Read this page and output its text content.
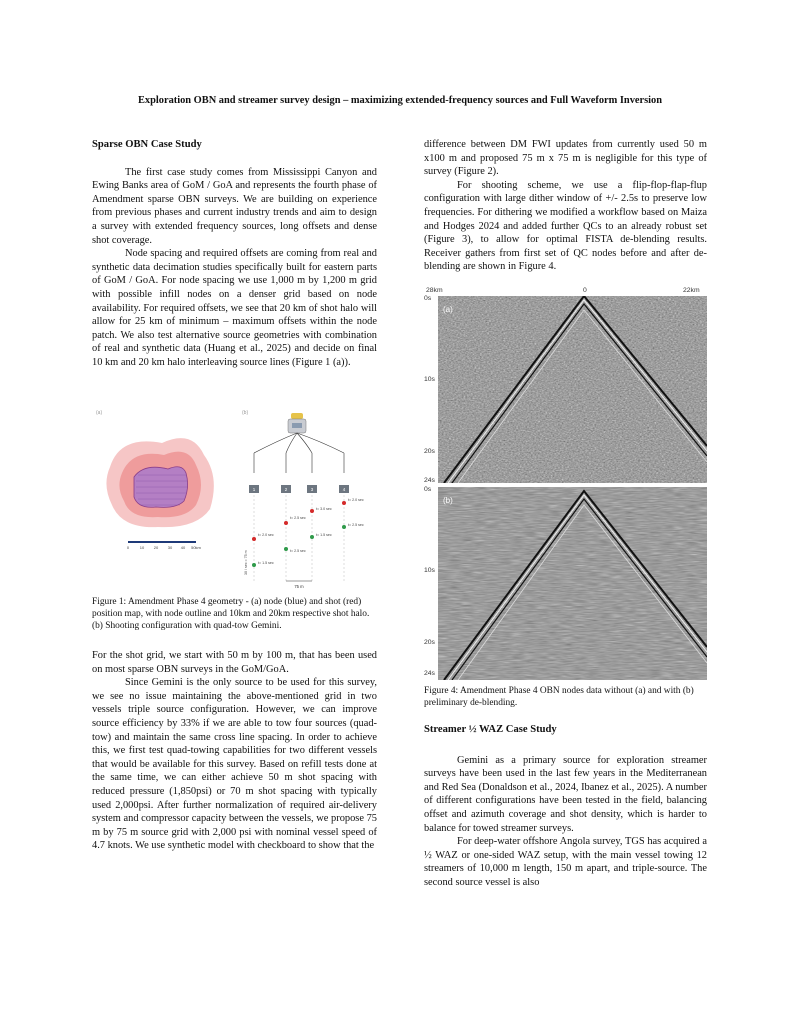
Exploration OBN and streamer survey design – maximizing extended-frequency sources and Full Waveform Inversion
Sparse OBN Case Study

The first case study comes from Mississippi Canyon and Ewing Banks area of GoM / GoA and represents the fourth phase of Amendment sparse OBN surveys. We are building on experience from previous phases and current industry trends and aim to design a survey with extended frequency sources, long offsets and dense shot coverage.

Node spacing and required offsets are coming from real and synthetic data decimation studies specifically built for eastern parts of GoM / GoA. For node spacing we use 1,000 m by 1,200 m grid with possible infill nodes on a denser grid based on node availability. For required offsets, we see that 20 km of shot halo will allow for 25 km of minimum – maximum offsets within the node patch. We also test alternative source geometries with combination of real and synthetic data (Huang et al., 2025) and decide on final 10 km and 20 km halo interleaving source lines (Figure 1 (a)).

(a)	(b)
0	10 20 30 40 50km
1	2	3	4
t= 2.0 sec
t= 3.0 sec
t= 2.5 sec
t= 2.5 sec
t= 2.0 sec	t= 1.5 sec
t= 2.5 sec
t= 1.5 sec
30 / sec = 75 m
75 m

Figure 1: Amendment Phase 4 geometry - (a) node (blue) and shot (red) position map, with node outline and 10km and 20km respective shot halo. (b) Shooting configuration with quad-tow Gemini.

For the shot grid, we start with 50 m by 100 m, that has been used on most sparse OBN surveys in the GoM/GoA.

Since Gemini is the only source to be used for this survey, we see no issue maintaining the above-mentioned grid in two vessels triple source configuration. However, we can improve source efficiency by 33% if we are able to tow four sources (quad-tow) and maintain the same cross line spacing. In order to achieve this, we first test quad-towing capabilities for two different vessels that would be available for this survey. Based on refill tests done at the same time, we can either achieve 50 m shot spacing with reduced pressure (1,850psi) or 70 m shot spacing with typically used 2,000psi. After further normalization of required air-delivery system and compressor capacity between the vessels, we propose 75 m by 75 m source grid with 2,000 psi with nominal vessel speed of 4.7 knots. We use synthetic model with checkboard to show that the

difference between DM FWI updates from currently used 50 m x100 m and proposed 75 m x 75 m is negligible for this type of survey (Figure 2).

For shooting scheme, we use a flip-flop-flap-flup configuration with large dither window of +/- 2.5s to preserve low frequencies. For dithering we modified a workflow based on Maiza and Hodges 2024 and added further QCs to an already robust set (Figure 3), to allow for optimal FISTA de-blending results. Receiver gathers from first set of QC nodes before and after de-blending are shown in Figure 4.

28km	0	22km
(a)
0s
10s
20s
24s
(b)
0s
10s
20s
24s

Figure 4: Amendment Phase 4 OBN nodes data without (a) and with (b) preliminary de-blending.

Streamer ½ WAZ Case Study

Gemini as a primary source for exploration streamer surveys have been used in the last few years in the Mediterranean and Red Sea (Donaldson et al., 2024, Ibanez et al., 2025). A number of different configurations have been tested in the field, balancing offset and azimuth coverage and shot density, which is harder to balance for towed streamer surveys.

For deep-water offshore Angola survey, TGS has acquired a ½ WAZ or one-sided WAZ setup, with the main vessel towing 12 streamers of 10,000 m length, 150 m apart, and triple-source. The second source vessel is also
